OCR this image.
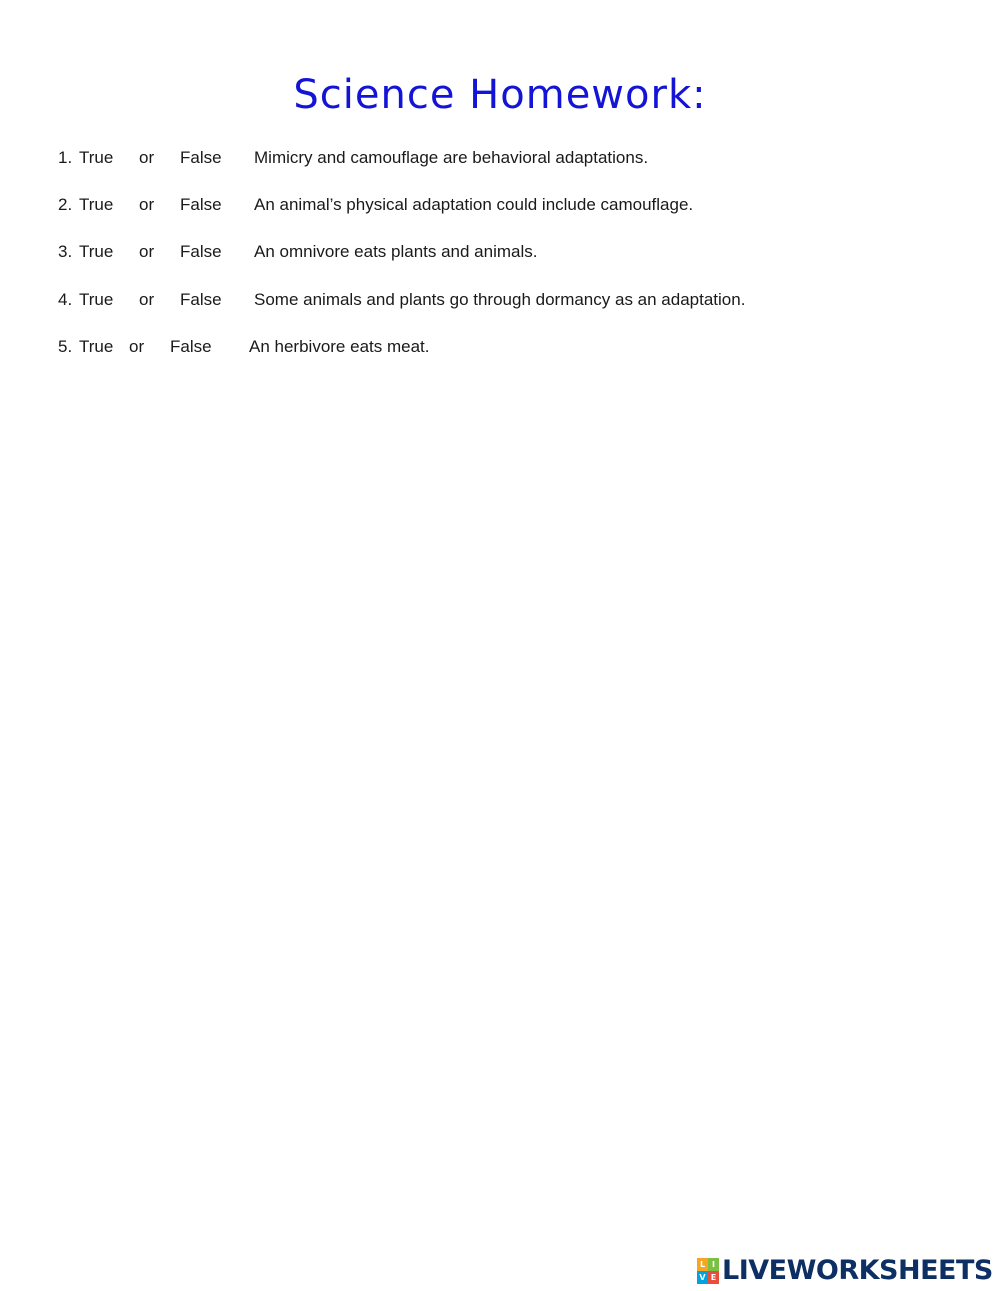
Science Homework:
1. True or False Mimicry and camouflage are behavioral adaptations.
2. True or False An animal’s physical adaptation could include camouflage.
3. True or False An omnivore eats plants and animals.
4. True or False Some animals and plants go through dormancy as an adaptation.
5. True or False An herbivore eats meat.
L I
V E LIVEWORKSHEETS
